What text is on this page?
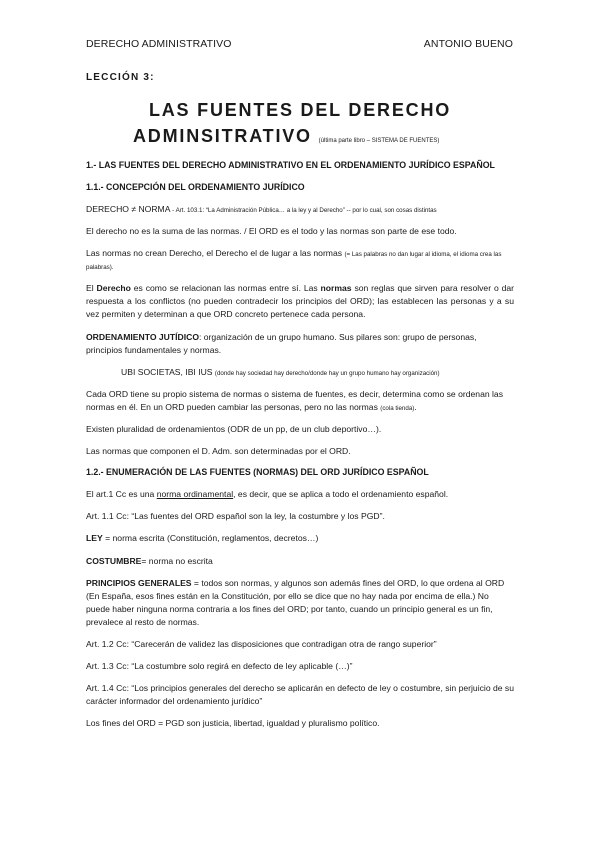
DERECHO ADMINISTRATIVO	ANTONIO BUENO

LECCIÓN 3:

LAS FUENTES DEL DERECHO

ADMINSITRATIVO (última parte libro – SISTEMA DE FUENTES)

1.- LAS FUENTES DEL DERECHO ADMINISTRATIVO EN EL ORDENAMIENTO JURÍDICO ESPAÑOL

1.1.- CONCEPCIÓN DEL ORDENAMIENTO JURÍDICO

DERECHO ≠ NORMA - Art. 103.1: “La Administración Pública… a la ley y al Derecho” -- por lo cual, son cosas distintas

El derecho no es la suma de las normas. / El ORD es el todo y las normas son parte de ese todo.

Las normas no crean Derecho, el Derecho el de lugar a las normas (= Las palabras no dan lugar al idioma, el idioma crea las palabras).

El Derecho es como se relacionan las normas entre sí. Las normas son reglas que sirven para resolver o dar respuesta a los conflictos (no pueden contradecir los principios del ORD); las establecen las personas y a su vez permiten y determinan a que ORD concreto pertenece cada persona.

ORDENAMIENTO JUTÍDICO: organización de un grupo humano. Sus pilares son: grupo de personas, principios fundamentales y normas.

UBI SOCIETAS, IBI IUS (donde hay sociedad hay derecho/donde hay un grupo humano hay organización)

Cada ORD tiene su propio sistema de normas o sistema de fuentes, es decir, determina como se ordenan las normas en él. En un ORD pueden cambiar las personas, pero no las normas (cola tienda).

Existen pluralidad de ordenamientos (ODR de un pp, de un club deportivo…).

Las normas que componen el D. Adm. son determinadas por el ORD.

1.2.- ENUMERACIÓN DE LAS FUENTES (NORMAS) DEL ORD JURÍDICO ESPAÑOL

El art.1 Cc es una norma ordinamental, es decir, que se aplica a todo el ordenamiento español.

Art. 1.1 Cc: “Las fuentes del ORD español son la ley, la costumbre y los PGD”.

LEY = norma escrita (Constitución, reglamentos, decretos…)

COSTUMBRE= norma no escrita

PRINCIPIOS GENERALES = todos son normas, y algunos son además fines del ORD, lo que ordena al ORD (En España, esos fines están en la Constitución, por ello se dice que no hay nada por encima de ella.) No puede haber ninguna norma contraria a los fines del ORD; por tanto, cuando un principio general es un fin, prevalece al resto de normas.

Art. 1.2 Cc: “Carecerán de validez las disposiciones que contradigan otra de rango superior”

Art. 1.3 Cc: “La costumbre solo regirá en defecto de ley aplicable (…)”

Art. 1.4 Cc: “Los principios generales del derecho se aplicarán en defecto de ley o costumbre, sin perjuicio de su carácter informador del ordenamiento jurídico”

Los fines del ORD = PGD son justicia, libertad, igualdad y pluralismo político.
